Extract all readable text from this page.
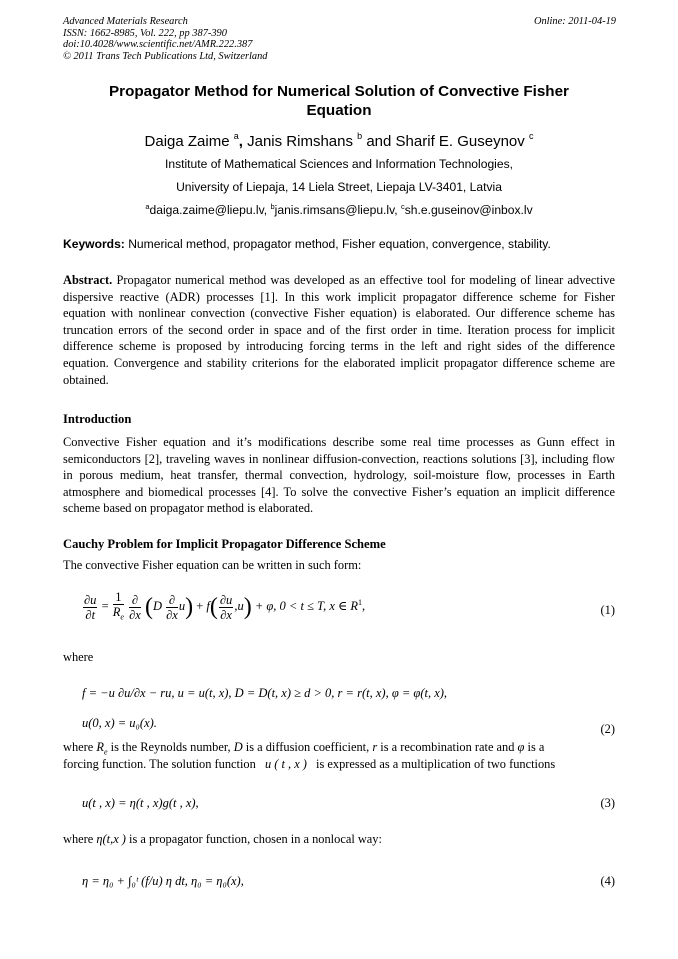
Advanced Materials Research
ISSN: 1662-8985, Vol. 222, pp 387-390
doi:10.4028/www.scientific.net/AMR.222.387
© 2011 Trans Tech Publications Ltd, Switzerland
Online: 2011-04-19
Propagator Method for Numerical Solution of Convective Fisher
Equation
Daiga Zaime $^a$, Janis Rimshans $^b$ and Sharif E. Guseynov $^c$
Institute of Mathematical Sciences and Information Technologies,
University of Liepaja, 14 Liela Street, Liepaja LV-3401, Latvia
$^a$daiga.zaime@liepu.lv, $^b$janis.rimsans@liepu.lv, $^c$sh.e.guseinov@inbox.lv
Keywords: Numerical method, propagator method, Fisher equation, convergence, stability.
Abstract. Propagator numerical method was developed as an effective tool for modeling of linear advective dispersive reactive (ADR) processes [1]. In this work implicit propagator difference scheme for Fisher equation with nonlinear convection (convective Fisher equation) is elaborated. Our difference scheme has truncation errors of the second order in space and of the first order in time. Iteration process for implicit difference scheme is proposed by introducing forcing terms in the left and right sides of the difference equation. Convergence and stability criterions for the elaborated implicit propagator difference scheme are obtained.
Introduction
Convective Fisher equation and it’s modifications describe some real time processes as Gunn effect in semiconductors [2], traveling waves in nonlinear diffusion-convection, reactions solutions [3], including flow in porous medium, heat transfer, thermal convection, hydrology, soil-moisture flow, processes in Earth atmosphere and biomedical processes [4]. To solve the convective Fisher’s equation an implicit difference scheme based on propagator method is elaborated.
Cauchy Problem for Implicit Propagator Difference Scheme
The convective Fisher equation can be written in such form:
$\frac{\partial u}{\partial t} = \frac{1}{R_e}$
$\frac{\partial}{\partial x} (D \frac{\partial}{\partial x} u) + f( \frac{\partial u}{\partial x} ,u) + \varphi$, 0 < t ≤ T, x ∈ $R^1$,	(1)
where
f = −u ∂u/∂x − ru, u = u(t, x), D = D(t, x) ≥ d > 0, r = r(t, x), φ = φ(t, x),
u(0, x) = u₀(x).	(2)
where $R_e$ is the Reynolds number, D is a diffusion coefficient, r is a recombination rate and φ is a
forcing function. The solution function u ( t , x ) is expressed as a multiplication of two functions
u(t , x) = η(t , x)g(t , x),	(3)
where η(t,x ) is a propagator function, chosen in a nonlocal way:
η = η₀ + ∫₀ᵗ (f/u) η dt, η₀ = η₀(x),	(4)
